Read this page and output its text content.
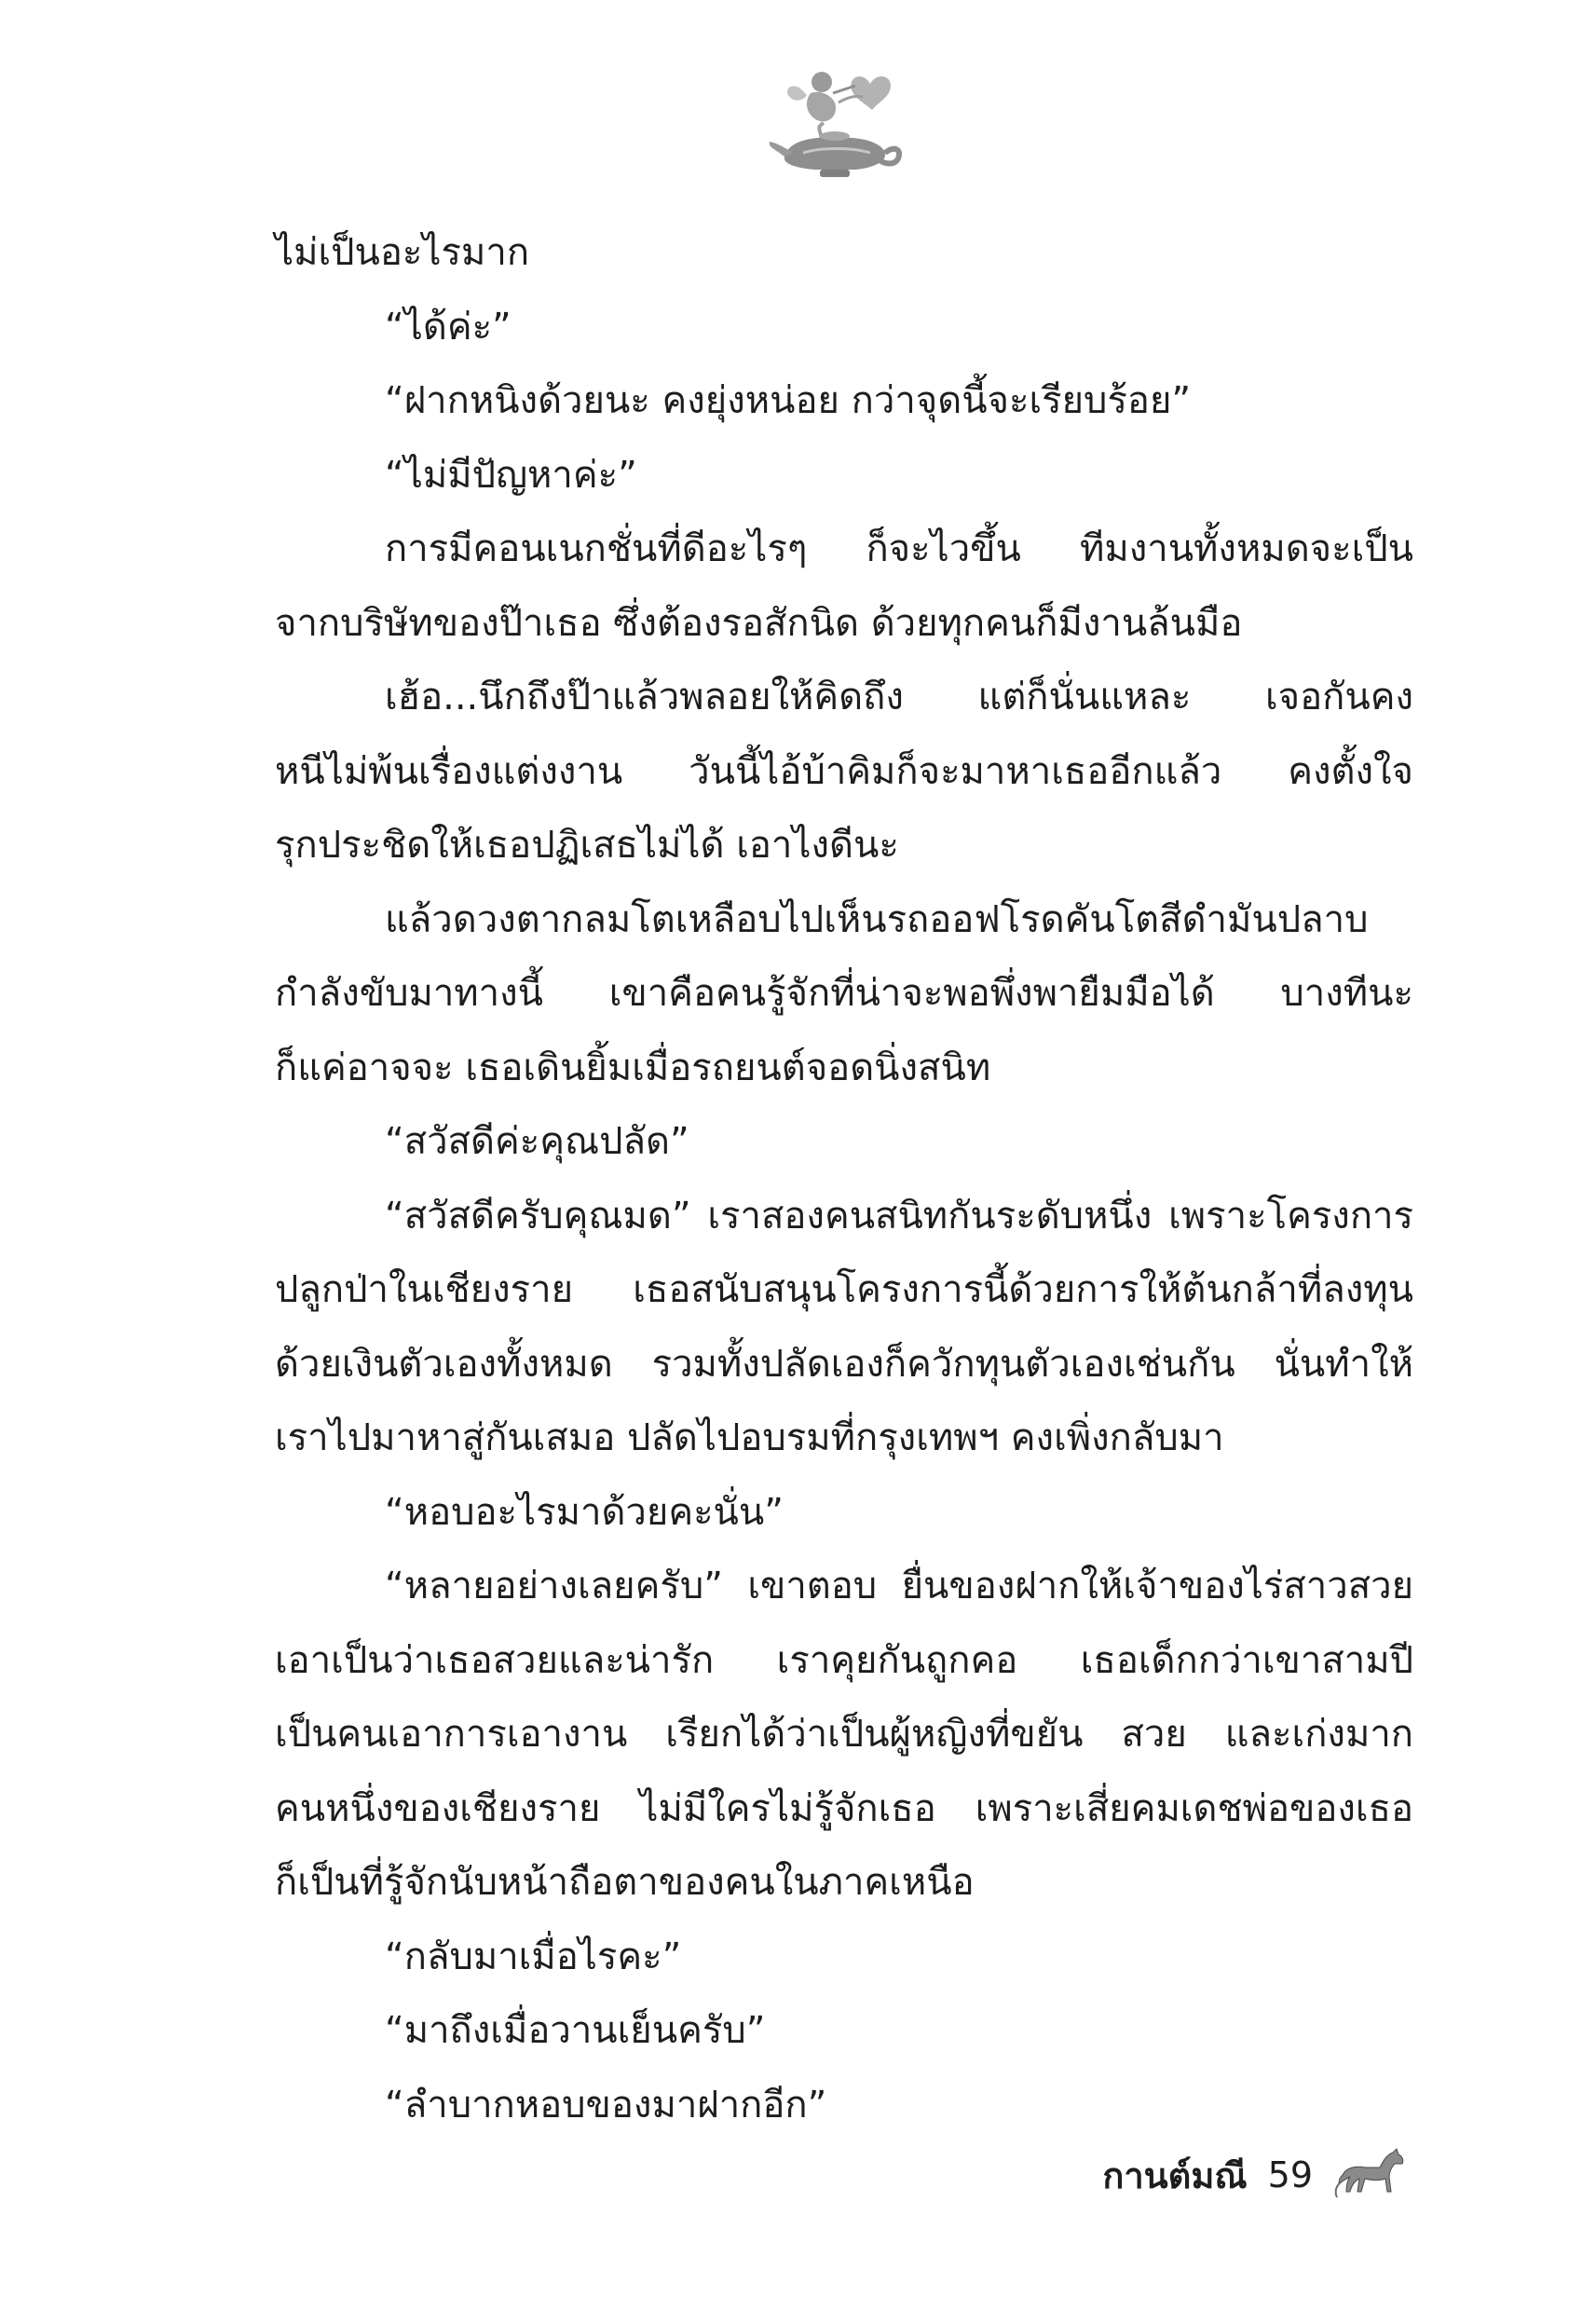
ไม่เป็นอะไรมาก
“ได้ค่ะ”
“ฝากหนิงด้วยนะ คงยุ่งหน่อย กว่าจุดนี้จะเรียบร้อย”
“ไม่มีปัญหาค่ะ”
การมีคอนเนกชั่นที่ดีอะไรๆ ก็จะไวขึ้น ทีมงานทั้งหมดจะเป็น
จากบริษัทของป๊าเธอ ซึ่งต้องรอสักนิด ด้วยทุกคนก็มีงานล้นมือ
เฮ้อ...นึกถึงป๊าแล้วพลอยให้คิดถึง แต่ก็นั่นแหละ เจอกันคง
หนีไม่พ้นเรื่องแต่งงาน วันนี้ไอ้บ้าคิมก็จะมาหาเธออีกแล้ว คงตั้งใจ
รุกประชิดให้เธอปฏิเสธไม่ได้ เอาไงดีนะ
แล้วดวงตากลมโตเหลือบไปเห็นรถออฟโรดคันโตสีดำมันปลาบ
กำลังขับมาทางนี้ เขาคือคนรู้จักที่น่าจะพอพึ่งพายืมมือได้ บางทีนะ
ก็แค่อาจจะ เธอเดินยิ้มเมื่อรถยนต์จอดนิ่งสนิท
“สวัสดีค่ะคุณปลัด”
“สวัสดีครับคุณมด” เราสองคนสนิทกันระดับหนึ่ง เพราะโครงการ
ปลูกป่าในเชียงราย เธอสนับสนุนโครงการนี้ด้วยการให้ต้นกล้าที่ลงทุน
ด้วยเงินตัวเองทั้งหมด รวมทั้งปลัดเองก็ควักทุนตัวเองเช่นกัน นั่นทำให้
เราไปมาหาสู่กันเสมอ ปลัดไปอบรมที่กรุงเทพฯ คงเพิ่งกลับมา
“หอบอะไรมาด้วยคะนั่น”
“หลายอย่างเลยครับ” เขาตอบ ยื่นของฝากให้เจ้าของไร่สาวสวย
เอาเป็นว่าเธอสวยและน่ารัก เราคุยกันถูกคอ เธอเด็กกว่าเขาสามปี
เป็นคนเอาการเอางาน เรียกได้ว่าเป็นผู้หญิงที่ขยัน สวย และเก่งมาก
คนหนึ่งของเชียงราย ไม่มีใครไม่รู้จักเธอ เพราะเสี่ยคมเดชพ่อของเธอ
ก็เป็นที่รู้จักนับหน้าถือตาของคนในภาคเหนือ
“กลับมาเมื่อไรคะ”
“มาถึงเมื่อวานเย็นครับ”
“ลำบากหอบของมาฝากอีก”
กานต์มณี 59
